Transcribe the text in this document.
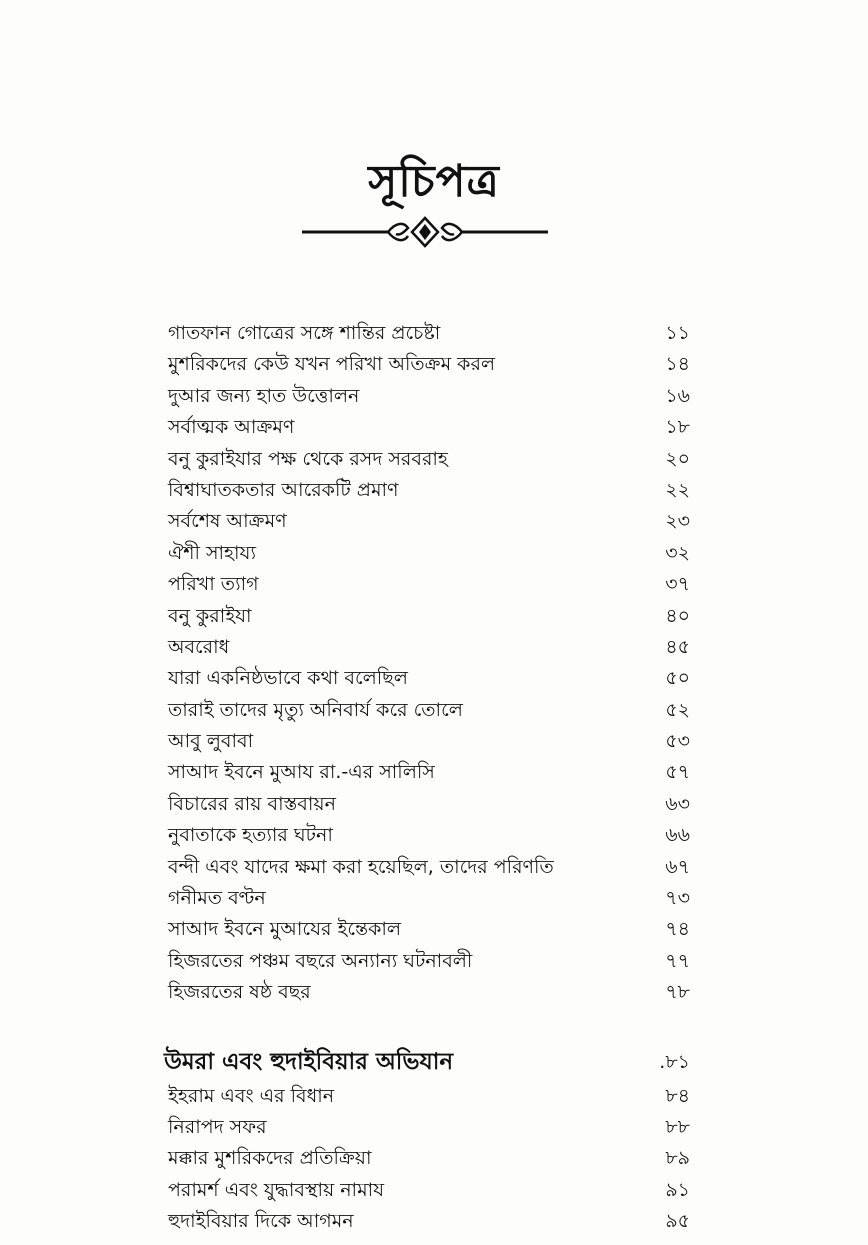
সূচিপত্র
গাতফান গোত্রের সঙ্গে শান্তির প্রচেষ্টা	১১
মুশরিকদের কেউ যখন পরিখা অতিক্রম করল	১৪
দুআর জন্য হাত উত্তোলন	১৬
সর্বাত্মক আক্রমণ	১৮
বনু কুরাইযার পক্ষ থেকে রসদ সরবরাহ	২০
বিশ্বাঘাতকতার আরেকটি প্রমাণ	২২
সর্বশেষ আক্রমণ	২৩
ঐশী সাহায্য	৩২
পরিখা ত্যাগ	৩৭
বনু কুরাইযা	৪০
অবরোধ	৪৫
যারা একনিষ্ঠভাবে কথা বলেছিল	৫০
তারাই তাদের মৃত্যু অনিবার্য করে তোলে	৫২
আবু লুবাবা	৫৩
সাআদ ইবনে মুআয রা.-এর সালিসি	৫৭
বিচারের রায় বাস্তবায়ন	৬৩
নুবাতাকে হত্যার ঘটনা	৬৬
বন্দী এবং যাদের ক্ষমা করা হয়েছিল, তাদের পরিণতি	৬৭
গনীমত বণ্টন	৭৩
সাআদ ইবনে মুআযের ইন্তেকাল	৭৪
হিজরতের পঞ্চম বছরে অন্যান্য ঘটনাবলী	৭৭
হিজরতের ষষ্ঠ বছর	৭৮
উমরা এবং হুদাইবিয়ার অভিযান	.৮১
ইহরাম এবং এর বিধান	৮৪
নিরাপদ সফর	৮৮
মক্কার মুশরিকদের প্রতিক্রিয়া	৮৯
পরামর্শ এবং যুদ্ধাবস্থায় নামায	৯১
হুদাইবিয়ার দিকে আগমন	৯৫
